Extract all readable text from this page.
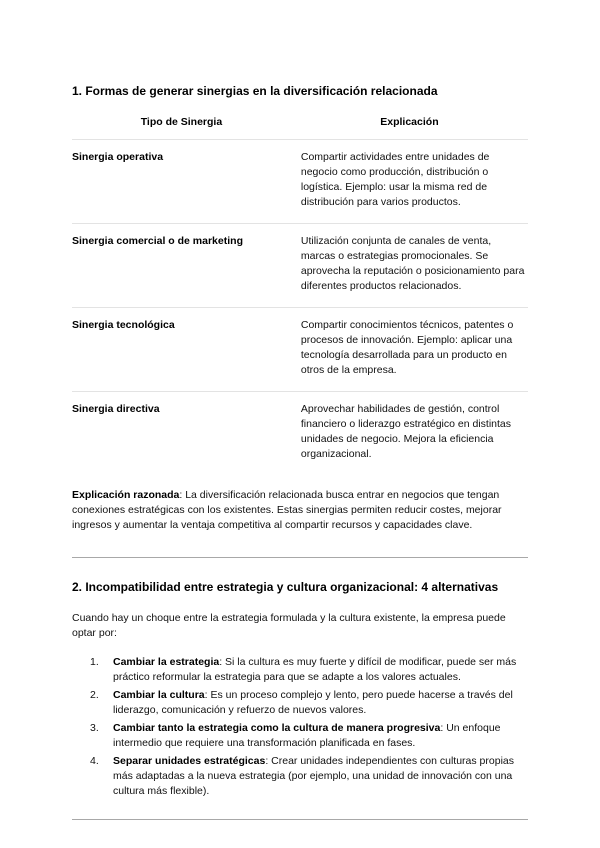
1. Formas de generar sinergias en la diversificación relacionada
Tipo de Sinergia	Explicación
Sinergia operativa	Compartir actividades entre unidades de negocio como producción, distribución o logística. Ejemplo: usar la misma red de distribución para varios productos.
Sinergia comercial o de marketing	Utilización conjunta de canales de venta, marcas o estrategias promocionales. Se aprovecha la reputación o posicionamiento para diferentes productos relacionados.
Sinergia tecnológica	Compartir conocimientos técnicos, patentes o procesos de innovación. Ejemplo: aplicar una tecnología desarrollada para un producto en otros de la empresa.
Sinergia directiva	Aprovechar habilidades de gestión, control financiero o liderazgo estratégico en distintas unidades de negocio. Mejora la eficiencia organizacional.

Explicación razonada: La diversificación relacionada busca entrar en negocios que tengan conexiones estratégicas con los existentes. Estas sinergias permiten reducir costes, mejorar ingresos y aumentar la ventaja competitiva al compartir recursos y capacidades clave.

2. Incompatibilidad entre estrategia y cultura organizacional: 4 alternativas

Cuando hay un choque entre la estrategia formulada y la cultura existente, la empresa puede optar por:

1.	Cambiar la estrategia: Si la cultura es muy fuerte y difícil de modificar, puede ser más práctico reformular la estrategia para que se adapte a los valores actuales.
2.	Cambiar la cultura: Es un proceso complejo y lento, pero puede hacerse a través del liderazgo, comunicación y refuerzo de nuevos valores.
3.	Cambiar tanto la estrategia como la cultura de manera progresiva: Un enfoque intermedio que requiere una transformación planificada en fases.
4.	Separar unidades estratégicas: Crear unidades independientes con culturas propias más adaptadas a la nueva estrategia (por ejemplo, una unidad de innovación con una cultura más flexible).
